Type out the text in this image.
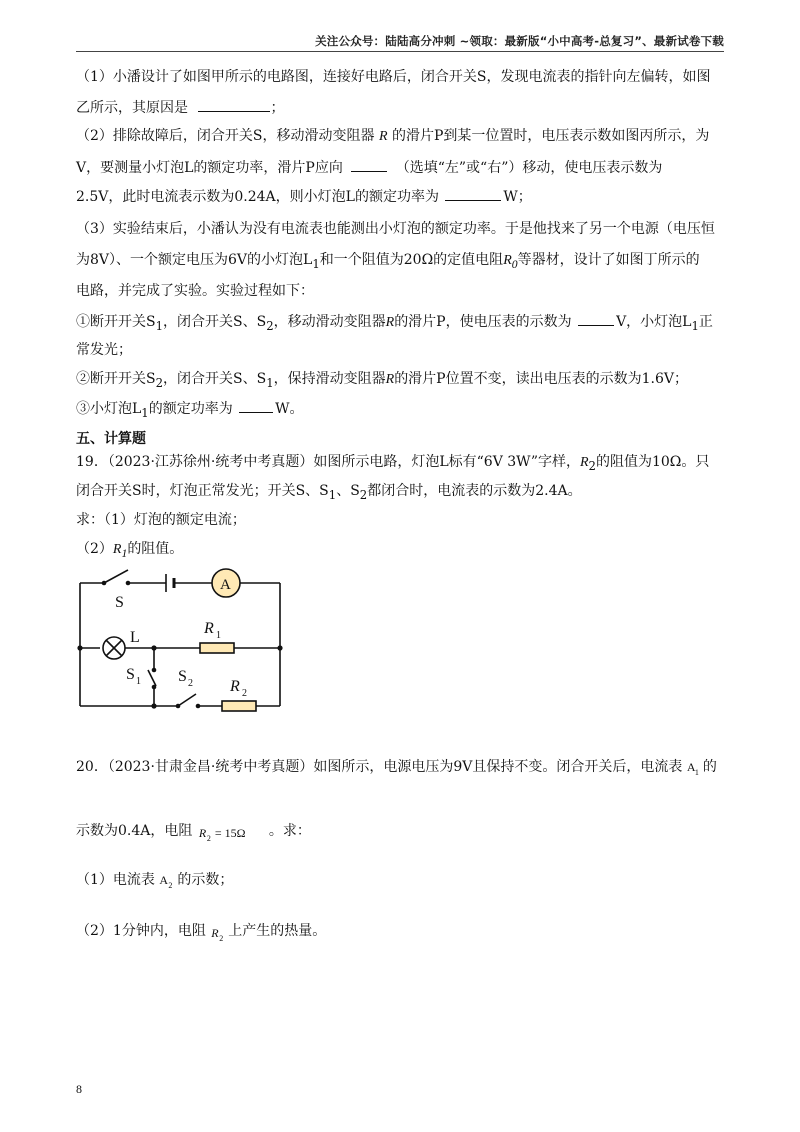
关注公众号：陆陆高分冲刺 ~领取：最新版“小中高考-总复习”、最新试卷下载
（1）小潘设计了如图甲所示的电路图，连接好电路后，闭合开关S，发现电流表的指针向左偏转，如图
乙所示，其原因是	；
（2）排除故障后，闭合开关S，移动滑动变阻器 R 的滑片P到某一位置时，电压表示数如图丙所示，为
V，要测量小灯泡L的额定功率，滑片P应向	（选填“左”或“右”）移动，使电压表示数为
2.5V，此时电流表示数为0.24A，则小灯泡L的额定功率为	W；
（3）实验结束后，小潘认为没有电流表也能测出小灯泡的额定功率。于是他找来了另一个电源（电压恒
为8V）、一个额定电压为6V的小灯泡$L_1$和一个阻值为20Ω的定值电阻$R_0$等器材，设计了如图丁所示的
电路，并完成了实验。实验过程如下：
①断开开关$S_1$，闭合开关S、$S_2$，移动滑动变阻器R的滑片P，使电压表的示数为	V，小灯泡$L_1$正
常发光；
②断开开关$S_2$，闭合开关S、$S_1$，保持滑动变阻器R的滑片P位置不变，读出电压表的示数为1.6V；
③小灯泡$L_1$的额定功率为	W。
五、计算题
19．（2023·江苏徐州·统考中考真题）如图所示电路，灯泡L标有“6V 3W”字样，$R_2$的阻值为10Ω。只
闭合开关S时，灯泡正常发光；开关S、$S_1$、$S_2$都闭合时，电流表的示数为2.4A。
求：（1）灯泡的额定电流；
$(2)R_1$的阻值。
S
A
L
R 1
S 1 S 2 R 2
20．（2023·甘肃金昌·统考中考真题）如图所示，电源电压为9V且保持不变。闭合开关后，电流表 A 1 的
示数为0.4A，电阻 R 2 = 15Ω 。求：
（1）电流表 A 2 的示数；
（2）1分钟内，电阻 R 2 上产生的热量。
8
